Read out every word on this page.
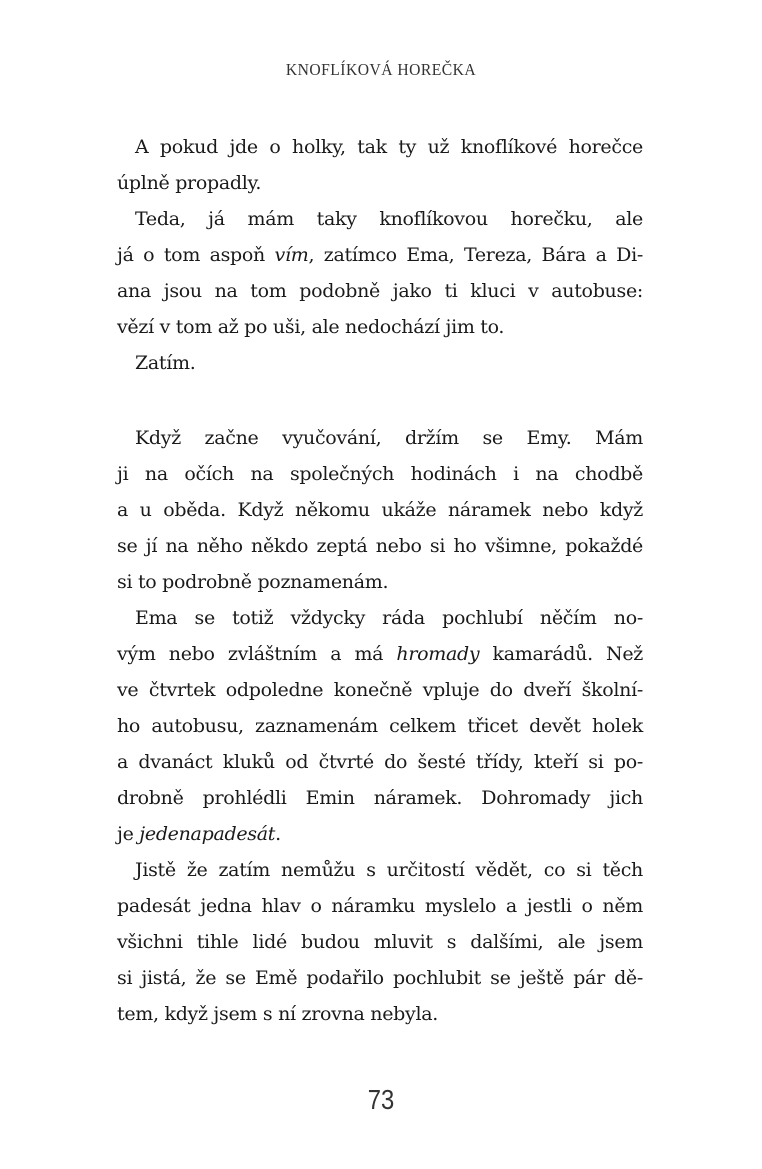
KNOFLÍKOVÁ HOREČKA
A pokud jde o holky, tak ty už knoflíkové horečce
úplně propadly.
Teda, já mám taky knoflíkovou horečku, ale
já o tom aspoň vím, zatímco Ema, Tereza, Bára a Di-
ana jsou na tom podobně jako ti kluci v autobuse:
vězí v tom až po uši, ale nedochází jim to.
Zatím.
Když začne vyučování, držím se Emy. Mám
ji na očích na společných hodinách i na chodbě
a u oběda. Když někomu ukáže náramek nebo když
se jí na něho někdo zeptá nebo si ho všimne, pokaždé
si to podrobně poznamenám.
Ema se totiž vždycky ráda pochlubí něčím no-
vým nebo zvláštním a má hromady kamarádů. Než
ve čtvrtek odpoledne konečně vpluje do dveří školní-
ho autobusu, zaznamenám celkem třicet devět holek
a dvanáct kluků od čtvrté do šesté třídy, kteří si po-
drobně prohlédli Emin náramek. Dohromady jich
je jedenapadesát.
Jistě že zatím nemůžu s určitostí vědět, co si těch
padesát jedna hlav o náramku myslelo a jestli o něm
všichni tihle lidé budou mluvit s dalšími, ale jsem
si jistá, že se Emě podařilo pochlubit se ještě pár dě-
tem, když jsem s ní zrovna nebyla.
73
